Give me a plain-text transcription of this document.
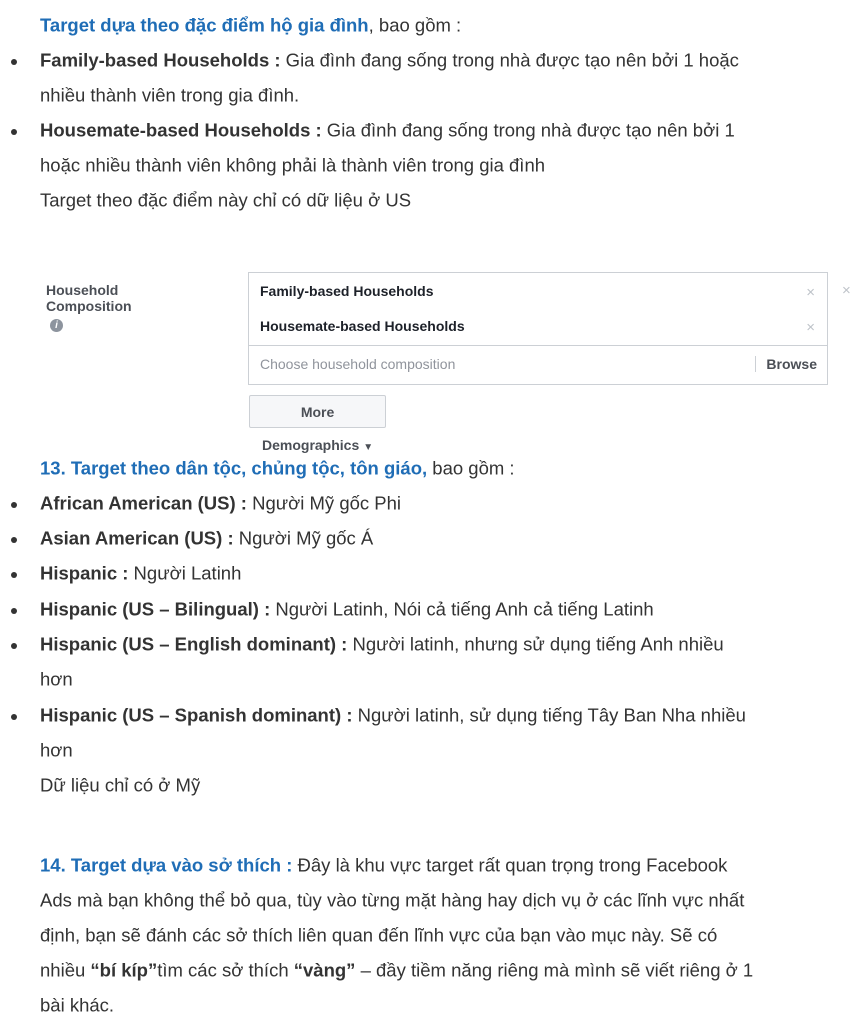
Target dựa theo đặc điểm hộ gia đình, bao gồm :
Family-based Households : Gia đình đang sống trong nhà được tạo nên bởi 1 hoặc
nhiều thành viên trong gia đình.
Housemate-based Households : Gia đình đang sống trong nhà được tạo nên bởi 1
hoặc nhiều thành viên không phải là thành viên trong gia đình
Target theo đặc điểm này chỉ có dữ liệu ở US
Household Compositioni
Family-based Households	×
Housemate-based Households	×
Choose household composition	Browse
×
More Demographics ▼
13. Target theo dân tộc, chủng tộc, tôn giáo, bao gồm :
African American (US) : Người Mỹ gốc Phi
Asian American (US) : Người Mỹ gốc Á
Hispanic : Người Latinh
Hispanic (US – Bilingual) : Người Latinh, Nói cả tiếng Anh cả tiếng Latinh
Hispanic (US – English dominant) : Người latinh, nhưng sử dụng tiếng Anh nhiều
hơn
Hispanic (US – Spanish dominant) : Người latinh, sử dụng tiếng Tây Ban Nha nhiều
hơn
Dữ liệu chỉ có ở Mỹ
14. Target dựa vào sở thích : Đây là khu vực target rất quan trọng trong Facebook
Ads mà bạn không thể bỏ qua, tùy vào từng mặt hàng hay dịch vụ ở các lĩnh vực nhất
định, bạn sẽ đánh các sở thích liên quan đến lĩnh vực của bạn vào mục này. Sẽ có
nhiều “bí kíp”tìm các sở thích “vàng” – đầy tiềm năng riêng mà mình sẽ viết riêng ở 1
bài khác.
